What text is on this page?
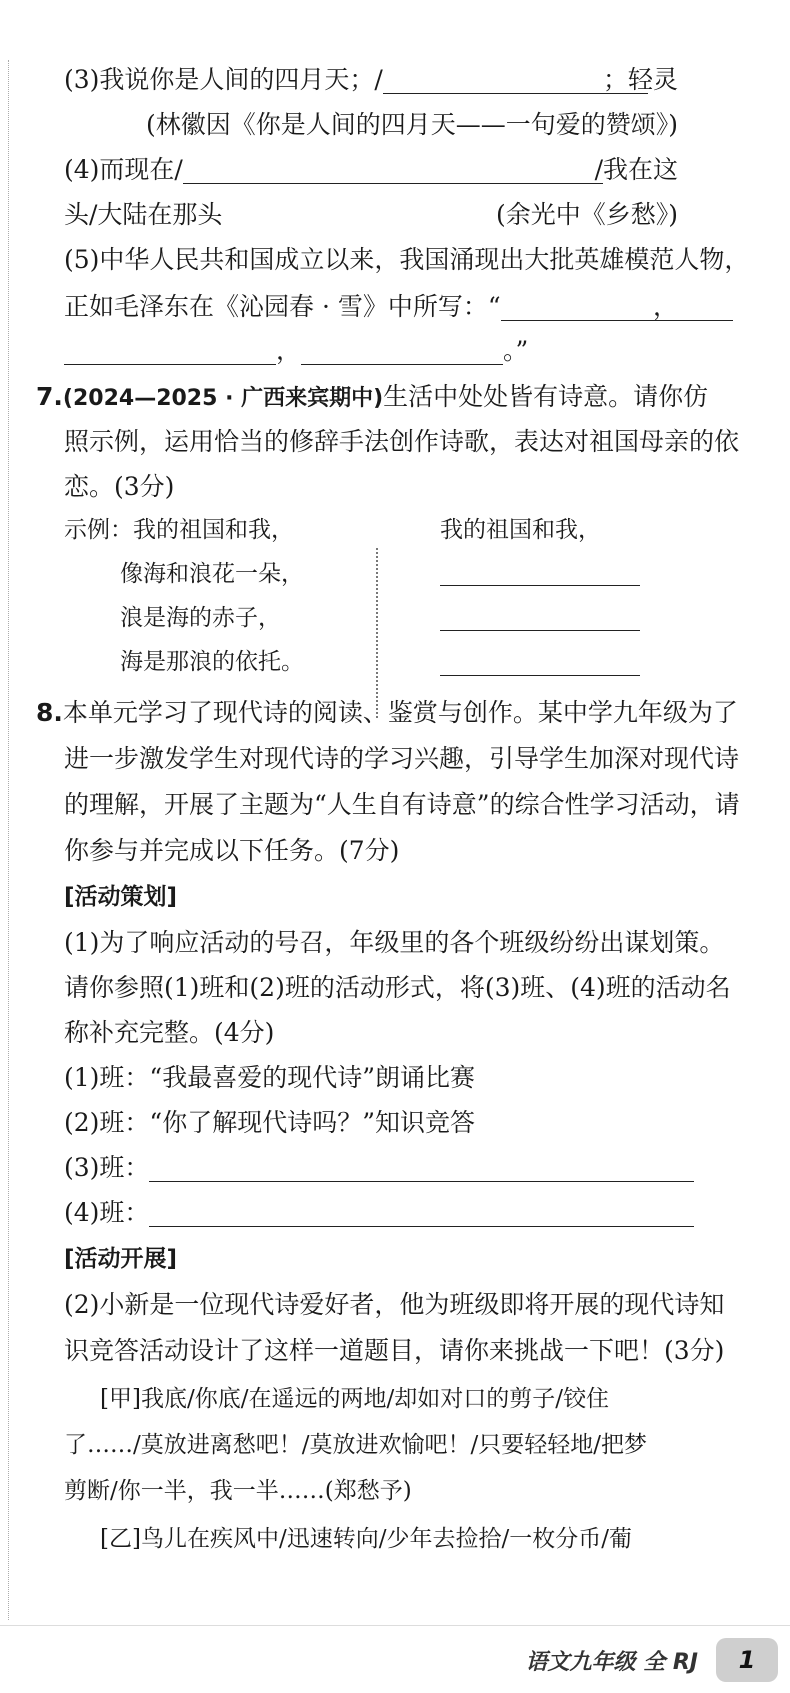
(3)我说你是人间的四月天；/	；轻灵
(林徽因《你是人间的四月天——一句爱的赞颂》)
(4)而现在/	/我在这
头/大陆在那头	(余光中《乡愁》)
(5)中华人民共和国成立以来，我国涌现出大批英雄模范人物，
正如毛泽东在《沁园春 · 雪》中所写：“	，
，	。”
7.(2024—2025 · 广西来宾期中)生活中处处皆有诗意。请你仿
照示例，运用恰当的修辞手法创作诗歌，表达对祖国母亲的依
恋。(3分)
示例：我的祖国和我，
像海和浪花一朵，
浪是海的赤子，
海是那浪的依托。
我的祖国和我，
8.本单元学习了现代诗的阅读、鉴赏与创作。某中学九年级为了
进一步激发学生对现代诗的学习兴趣，引导学生加深对现代诗
的理解，开展了主题为“人生自有诗意”的综合性学习活动，请
你参与并完成以下任务。(7分)
[活动策划]
(1)为了响应活动的号召，年级里的各个班级纷纷出谋划策。
请你参照(1)班和(2)班的活动形式，将(3)班、(4)班的活动名
称补充完整。(4分)
(1)班：“我最喜爱的现代诗”朗诵比赛
(2)班：“你了解现代诗吗？”知识竞答
(3)班：
(4)班：
[活动开展]
(2)小新是一位现代诗爱好者，他为班级即将开展的现代诗知
识竞答活动设计了这样一道题目，请你来挑战一下吧！(3分)
[甲]我底/你底/在遥远的两地/却如对口的剪子/铰住
了……/莫放进离愁吧！/莫放进欢愉吧！/只要轻轻地/把梦
剪断/你一半，我一半……(郑愁予)
[乙]鸟儿在疾风中/迅速转向/少年去捡拾/一枚分币/葡
语文九年级 全 RJ	1
